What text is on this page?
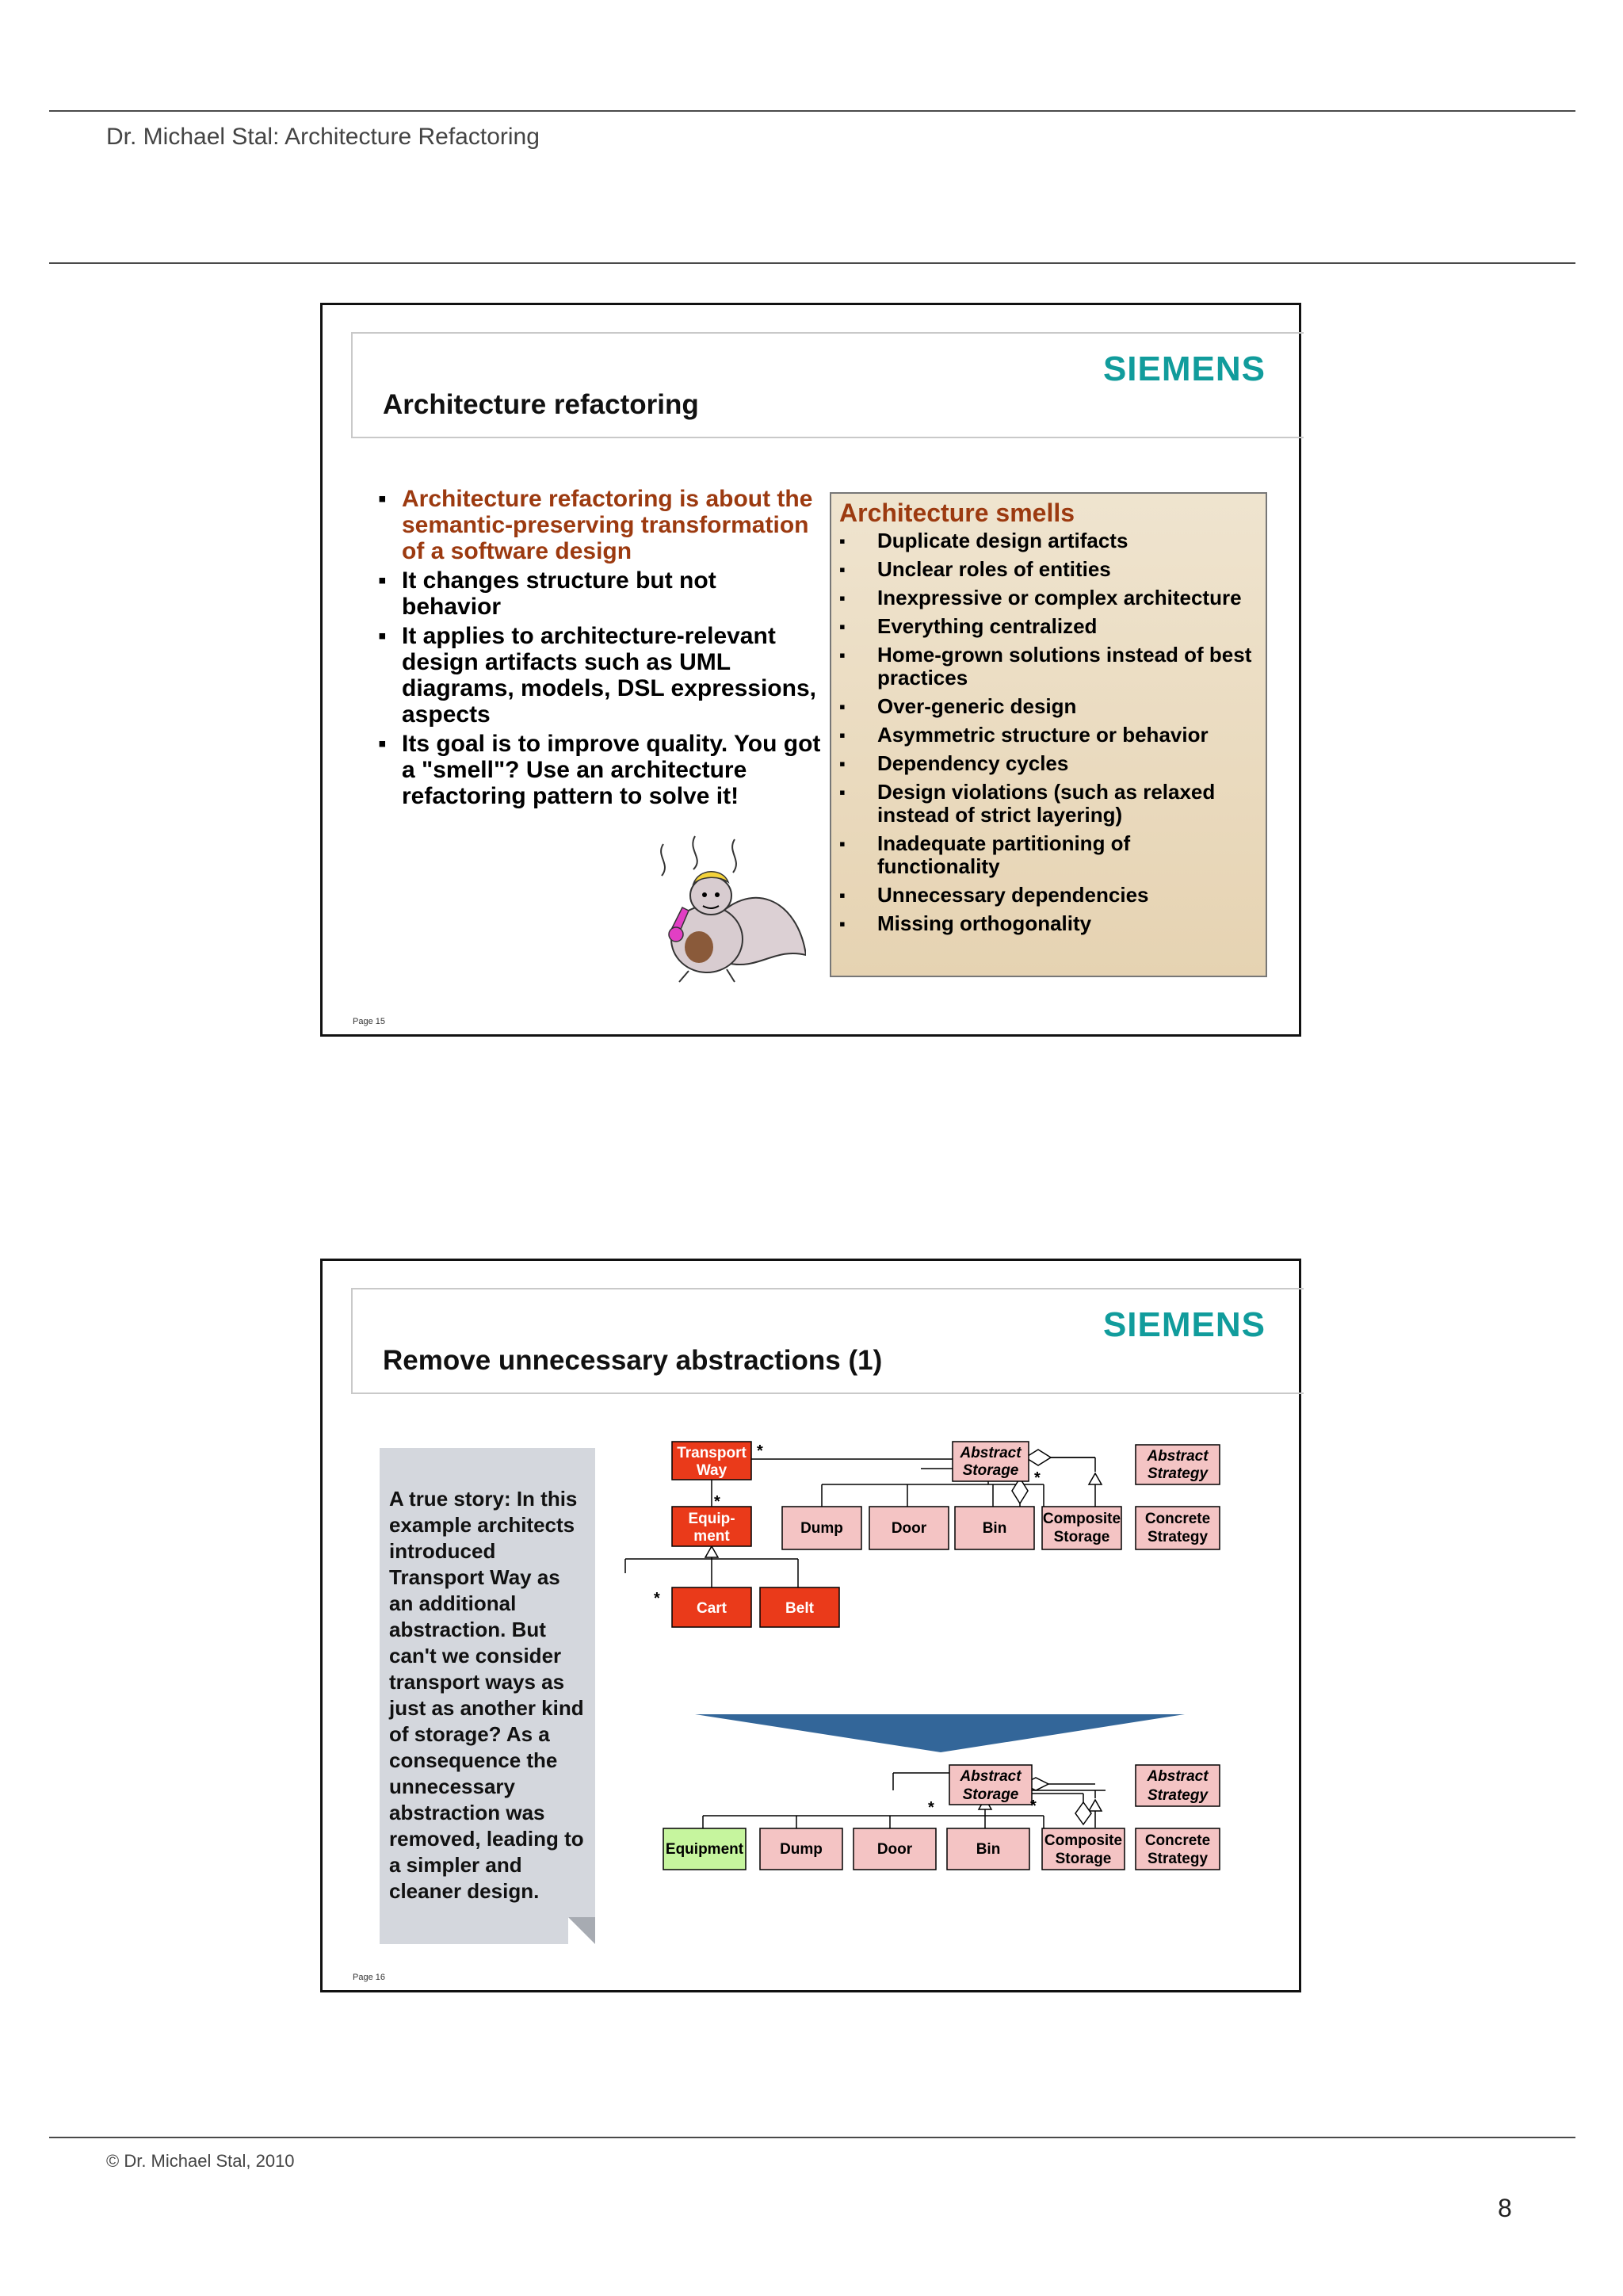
Dr. Michael Stal: Architecture Refactoring
Architecture refactoring
SIEMENS
▪ Architecture refactoring is about the semantic-preserving transformation of a software design
▪ It changes structure but not behavior
▪ It applies to architecture-relevant design artifacts such as UML diagrams, models, DSL expressions, aspects
▪ Its goal is to improve quality. You got a "smell"? Use an architecture refactoring pattern to solve it!
Architecture smells
▪ Duplicate design artifacts
▪ Unclear roles of entities
▪ Inexpressive or complex architecture
▪ Everything centralized
▪ Home-grown solutions instead of best practices
▪ Over-generic design
▪ Asymmetric structure or behavior
▪ Dependency cycles
▪ Design violations (such as relaxed instead of strict layering)
▪ Inadequate partitioning of functionality
▪ Unnecessary dependencies
▪ Missing orthogonality
Page 15
Remove unnecessary abstractions (1)
SIEMENS
A true story: In this example architects introduced Transport Way as an additional abstraction. But can't we consider transport ways as just as another kind of storage? As a consequence the unnecessary abstraction was removed, leading to a simpler and cleaner design.
Transport
Way
Equip-
ment
Cart	Belt
Abstract
Storage
Abstract
Strategy
Dump	Door	Bin
Composite
Storage
Concrete
Strategy
*
*
*
*
Abstract
Storage
Abstract
Strategy
Equipment Dump	Door	Bin
Composite
Storage
Concrete
Strategy
*	*
Page 16
© Dr. Michael Stal, 2010
8
